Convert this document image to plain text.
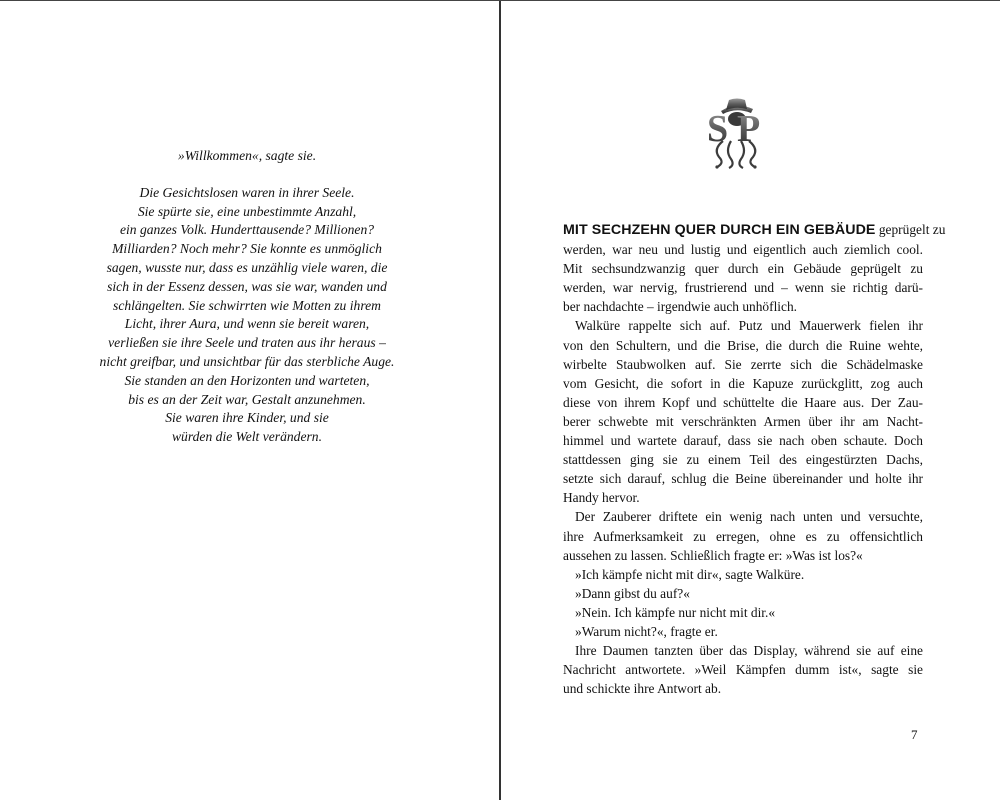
»Willkommen«, sagte sie.
Die Gesichtslosen waren in ihrer Seele.
Sie spürte sie, eine unbestimmte Anzahl,
ein ganzes Volk. Hunderttausende? Millionen?
Milliarden? Noch mehr? Sie konnte es unmöglich
sagen, wusste nur, dass es unzählig viele waren, die
sich in der Essenz dessen, was sie war, wanden und
schlängelten. Sie schwirrten wie Motten zu ihrem
Licht, ihrer Aura, und wenn sie bereit waren,
verließen sie ihre Seele und traten aus ihr heraus –
nicht greifbar, und unsichtbar für das sterbliche Auge.
Sie standen an den Horizonten und warteten,
bis es an der Zeit war, Gestalt anzunehmen.
Sie waren ihre Kinder, und sie
würden die Welt verändern.
S P
MIT SECHZEHN QUER DURCH EIN GEBÄUDE geprügelt zu
werden, war neu und lustig und eigentlich auch ziemlich cool.
Mit sechsundzwanzig quer durch ein Gebäude geprügelt zu
werden, war nervig, frustrierend und – wenn sie richtig darü-
ber nachdachte – irgendwie auch unhöflich.
Walküre rappelte sich auf. Putz und Mauerwerk fielen ihr
von den Schultern, und die Brise, die durch die Ruine wehte,
wirbelte Staubwolken auf. Sie zerrte sich die Schädelmaske
vom Gesicht, die sofort in die Kapuze zurückglitt, zog auch
diese von ihrem Kopf und schüttelte die Haare aus. Der Zau-
berer schwebte mit verschränkten Armen über ihr am Nacht-
himmel und wartete darauf, dass sie nach oben schaute. Doch
stattdessen ging sie zu einem Teil des eingestürzten Dachs,
setzte sich darauf, schlug die Beine übereinander und holte ihr
Handy hervor.
Der Zauberer driftete ein wenig nach unten und versuchte,
ihre Aufmerksamkeit zu erregen, ohne es zu offensichtlich
aussehen zu lassen. Schließlich fragte er: »Was ist los?«
»Ich kämpfe nicht mit dir«, sagte Walküre.
»Dann gibst du auf?«
»Nein. Ich kämpfe nur nicht mit dir.«
»Warum nicht?«, fragte er.
Ihre Daumen tanzten über das Display, während sie auf eine
Nachricht antwortete. »Weil Kämpfen dumm ist«, sagte sie
und schickte ihre Antwort ab.
7
